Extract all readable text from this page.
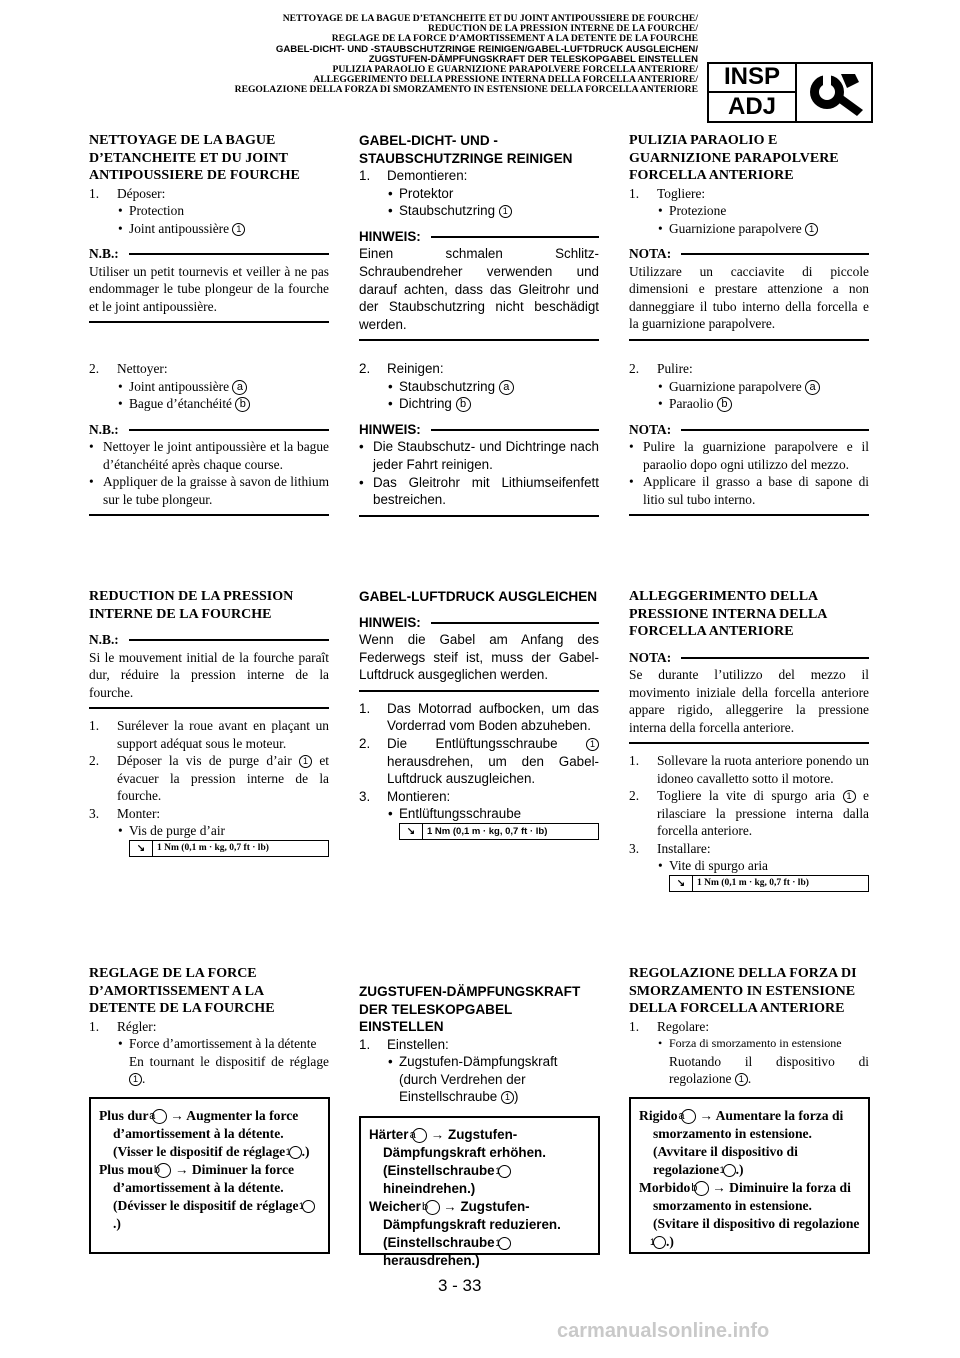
NETTOYAGE DE LA BAGUE D’ETANCHEITE ET DU JOINT ANTIPOUSSIERE DE FOURCHE/
REDUCTION DE LA PRESSION INTERNE DE LA FOURCHE/
REGLAGE DE LA FORCE D’AMORTISSEMENT A LA DETENTE DE LA FOURCHE
GABEL-DICHT- UND -STAUBSCHUTZRINGE REINIGEN/GABEL-LUFTDRUCK AUSGLEICHEN/
ZUGSTUFEN-DÄMPFUNGSKRAFT DER TELESKOPGABEL EINSTELLEN
PULIZIA PARAOLIO E GUARNIZIONE PARAPOLVERE FORCELLA ANTERIORE/
ALLEGGERIMENTO DELLA PRESSIONE INTERNA DELLA FORCELLA ANTERIORE/
REGOLAZIONE DELLA FORZA DI SMORZAMENTO IN ESTENSIONE DELLA FORCELLA ANTERIORE	INSP
ADJ

NETTOYAGE DE LA BAGUE D’ETANCHEITE ET DU JOINT ANTIPOUSSIERE DE FOURCHE

1. Déposer:
• Protection
• Joint antipoussière 1
N.B.:
Utiliser un petit tournevis et veiller à ne pas endommager le tube plongeur de la fourche et le joint antipoussière.
2. Nettoyer:
• Joint antipoussière a
• Bague d’étanchéité b
N.B.:
• Nettoyer le joint antipoussière et la bague d’étanchéité après chaque course.
• Appliquer de la graisse à savon de lithium sur le tube plongeur.

REDUCTION DE LA PRESSION INTERNE DE LA FOURCHE

N.B.:
Si le mouvement initial de la fourche paraît dur, réduire la pression interne de la fourche.
1. Surélever la roue avant en plaçant un support adéquat sous le moteur.
2. Déposer la vis de purge d’air 1 et évacuer la pression interne de la fourche.
3. Monter:
• Vis de purge d’air
↘	1 Nm (0,1 m · kg, 0,7 ft · lb)

REGLAGE DE LA FORCE D’AMORTISSEMENT A LA DETENTE DE LA FOURCHE

1. Régler:
• Force d’amortissement à la détente
En tournant le dispositif de réglage 1 .
Plus dur a → Augmenter la force d’amortissement à la détente. (Visser le dispositif de réglage 1 .)
Plus mou b → Diminuer la force d’amortissement à la détente. (Dévisser le dispositif de réglage 1.)

GABEL-DICHT- UND -STAUBSCHUTZRINGE REINIGEN

1. Demontieren:
• Protektor
• Staubschutzring 1
HINWEIS:
Einen schmalen Schlitz-Schraubendreher verwenden und darauf achten, dass das Gleitrohr und der Staubschutzring nicht beschädigt werden.
2. Reinigen:
• Staubschutzring a
• Dichtring b
HINWEIS:
• Die Staubschutz- und Dichtringe nach jeder Fahrt reinigen.
• Das Gleitrohr mit Lithiumseifenfett bestreichen.

GABEL-LUFTDRUCK AUSGLEICHEN

HINWEIS:
Wenn die Gabel am Anfang des Federwegs steif ist, muss der Gabel-Luftdruck ausgeglichen werden.
1. Das Motorrad aufbocken, um das Vorderrad vom Boden abzuheben.
2. Die Entlüftungsschraube	1 herausdrehen, um den Gabel-Luftdruck auszugleichen.
3. Montieren:
• Entlüftungsschraube
↘	1 Nm (0,1 m · kg, 0,7 ft · lb)

ZUGSTUFEN-DÄMPFUNGSKRAFT DER TELESKOPGABEL EINSTELLEN

1. Einstellen:
• Zugstufen-Dämpfungskraft (durch Verdrehen der Einstellschraube 1 )
Härter a → Zugstufen-Dämpfungskraft erhöhen. (Einstellschraube 1 hineindrehen.)
Weicher b → Zugstufen-Dämpfungskraft reduzieren. (Einstellschraube 1 herausdrehen.)

PULIZIA PARAOLIO E GUARNIZIONE PARAPOLVERE FORCELLA ANTERIORE

1. Togliere:
• Protezione
• Guarnizione parapolvere 1
NOTA:
Utilizzare un cacciavite di piccole dimensioni e prestare attenzione a non danneggiare il tubo interno della forcella e la guarnizione parapolvere.
2. Pulire:
• Guarnizione parapolvere a
• Paraolio b
NOTA:
• Pulire la guarnizione parapolvere e il paraolio dopo ogni utilizzo del mezzo.
• Applicare il grasso a base di sapone di litio sul tubo interno.

ALLEGGERIMENTO DELLA PRESSIONE INTERNA DELLA FORCELLA ANTERIORE

NOTA:
Se durante l’utilizzo del mezzo il movimento iniziale della forcella anteriore appare rigido, alleggerire la pressione interna della forcella anteriore.
1. Sollevare la ruota anteriore ponendo un idoneo cavalletto sotto il motore.
2. Togliere la vite di spurgo aria 1 e rilasciare la pressione interna dalla forcella anteriore.
3. Installare:
• Vite di spurgo aria
↘	1 Nm (0,1 m · kg, 0,7 ft · lb)

REGOLAZIONE DELLA FORZA DI SMORZAMENTO IN ESTENSIONE DELLA FORCELLA ANTERIORE

1. Regolare:
• Forza di smorzamento in estensione
Ruotando il dispositivo di regolazione 1 .
Rigido a → Aumentare la forza di smorzamento in estensione. (Avvitare il dispositivo di regolazione 1 .)
Morbido b → Diminuire la forza di smorzamento in estensione. (Svitare il dispositivo di regolazione1 .)
3 - 33
carmanualsonline.info
